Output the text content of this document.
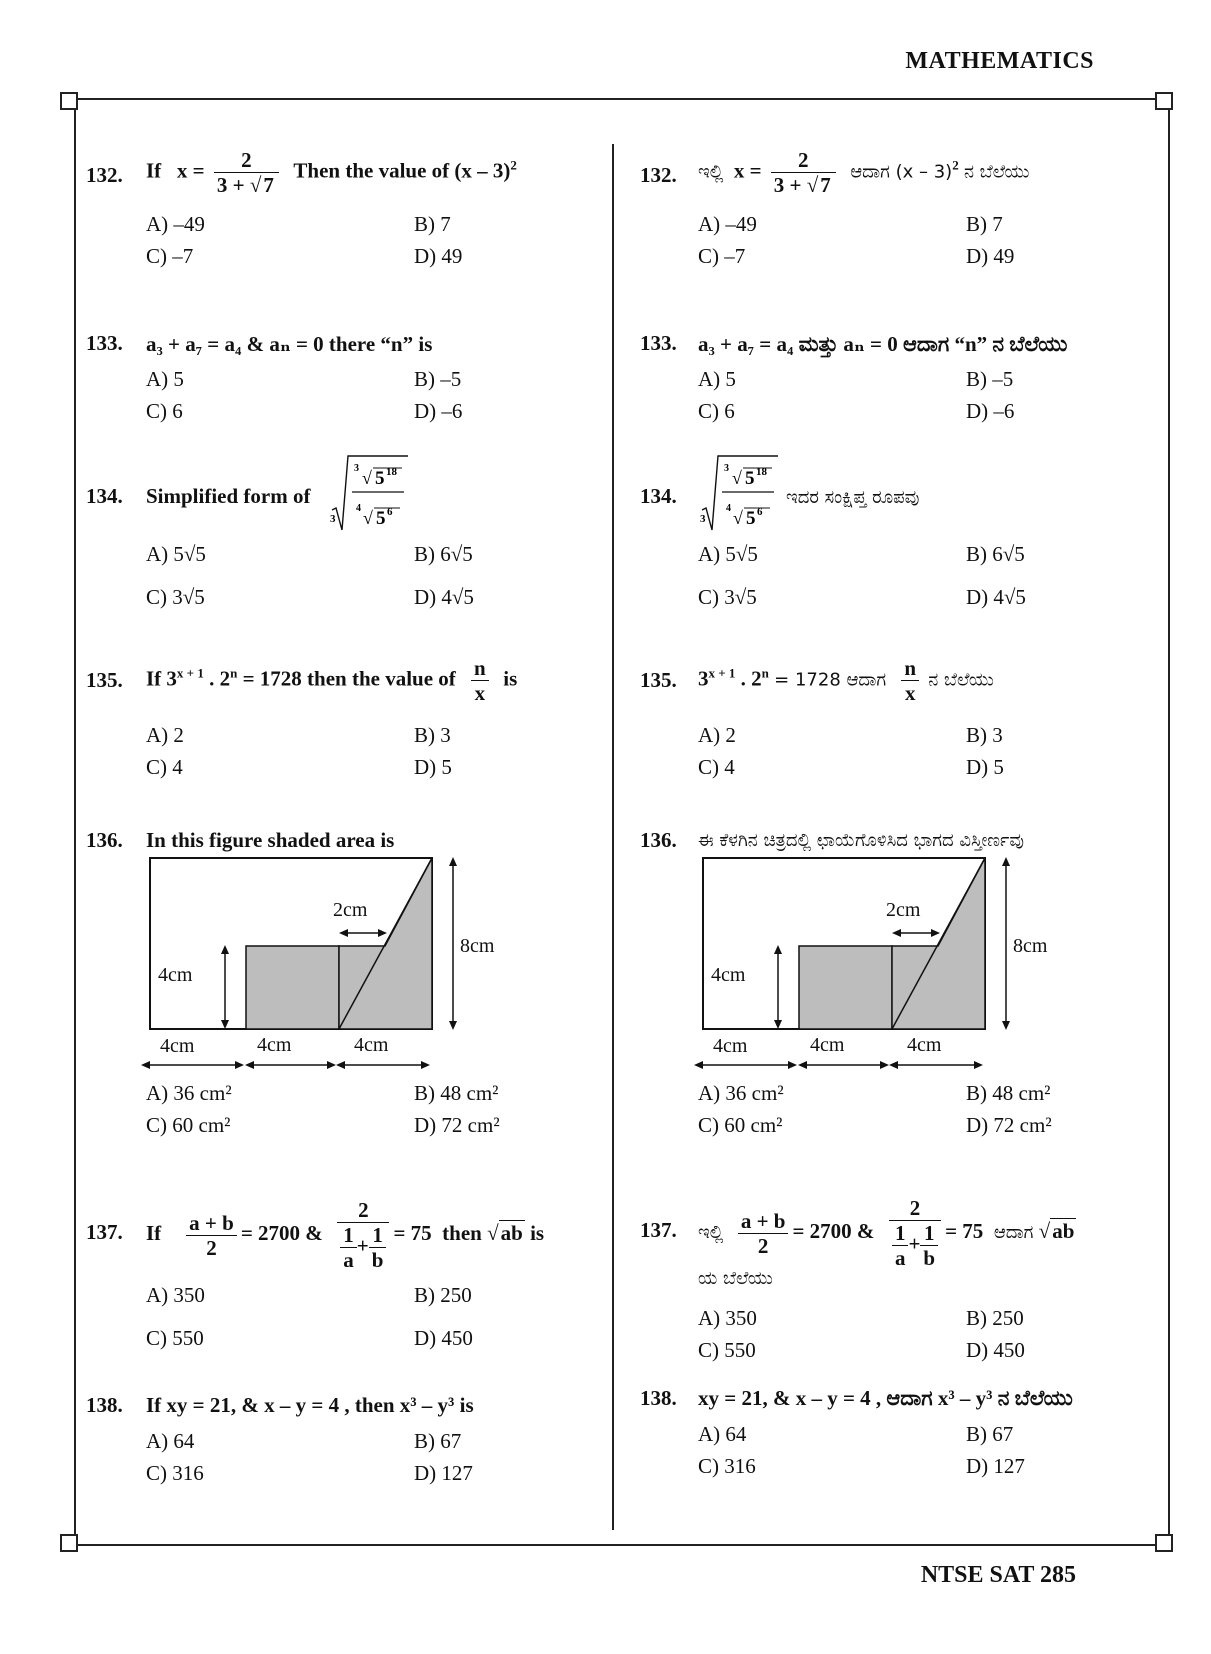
MATHEMATICS
NTSE SAT 285
132. If $x = \frac{2}{3 + √7}$ Then the value of (x – 3)$^2$
A) –49	B) 7
C) –7	D) 49
133. a₃ + a₇ = a₄ & aₙ = 0 there “n” is
A) 5	B) –5
C) 6	D) –6
134. Simplified form of
3
3 √ 5 18
4 √ 5 6
A) 5√5	B) 6√5
C) 3√5	D) 4√5
135. If $3^{x + 1}$ . $2^n = 1728$ then the value of $\frac{n}{x}$ is
A) 2	B) 3
C) 4	D) 5
136. In this figure shaded area is
2cm
4cm
8cm
4cm	4cm	4cm
A) 36 cm²	B) 48 cm²
C) 60 cm²	D) 72 cm²
137. If $\frac{a + b}{2} = 2700$ & $\frac{2}{\frac{1}{a} + \frac{1}{b}} = 75$ then √ab is
A) 350	B) 250
C) 550	D) 450
138. If xy = 21, & x – y = 4 , then x³ – y³ is
A) 64	B) 67
C) 316	D) 127
132. ಇಲ್ಲಿ $x = \frac{2}{3 + √7}$ ಆದಾಗ (x – 3)$^2$ ನ ಬೆಲೆಯು
A) –49	B) 7
C) –7	D) 49
133. a₃ + a₇ = a₄ ಮತ್ತು aₙ = 0 ಆದಾಗ “n” ನ ಬೆಲೆಯು
A) 5	B) –5
C) 6	D) –6
134.
3
3 √ 5 18
4 √ 5 6
ಇದರ ಸಂಕ್ಷಿಪ್ತ ರೂಪವು
A) 5√5	B) 6√5
C) 3√5	D) 4√5
135. $3^{x + 1}$ . $2^n = 1728$ ಆದಾಗ $\frac{n}{x}$ ನ ಬೆಲೆಯು
A) 2	B) 3
C) 4	D) 5
136. ಈ ಕೆಳಗಿನ ಚಿತ್ರದಲ್ಲಿ ಛಾಯೆಗೊಳಿಸಿದ ಭಾಗದ ವಿಸ್ತೀರ್ಣವು
2cm
4cm
8cm
4cm	4cm	4cm
A) 36 cm²	B) 48 cm²
C) 60 cm²	D) 72 cm²
137. ಇಲ್ಲಿ $\frac{a + b}{2} = 2700$ & $\frac{2}{\frac{1}{a} + \frac{1}{b}} = 75$ ಆದಾಗ √ab
ಯ ಬೆಲೆಯು
A) 350	B) 250
C) 550	D) 450
138. xy = 21, & x – y = 4 , ಆದಾಗ x³ – y³ ನ ಬೆಲೆಯು
A) 64	B) 67
C) 316	D) 127
